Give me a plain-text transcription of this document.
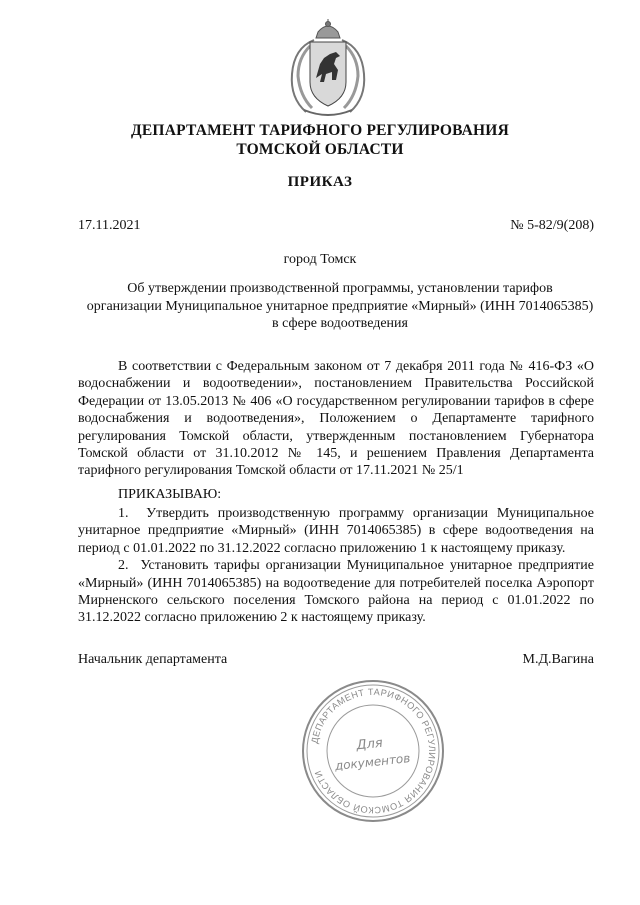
ДЕПАРТАМЕНТ ТАРИФНОГО РЕГУЛИРОВАНИЯ
ТОМСКОЙ ОБЛАСТИ
ПРИКАЗ
17.11.2021	№ 5-82/9(208)
город Томск
Об утверждении производственной программы, установлении тарифов
организации Муниципальное унитарное предприятие «Мирный» (ИНН 7014065385)
в сфере водоотведения
В соответствии с Федеральным законом от 7 декабря 2011 года № 416-ФЗ «О водоснабжении и водоотведении», постановлением Правительства Российской Федерации от 13.05.2013 № 406 «О государственном регулировании тарифов в сфере водоснабжения и водоотведения», Положением о Департаменте тарифного регулирования Томской области, утвержденным постановлением Губернатора Томской области от 31.10.2012 № 145, и решением Правления Департамента тарифного регулирования Томской области от 17.11.2021 № 25/1
ПРИКАЗЫВАЮ:
1.  Утвердить производственную программу организации Муниципальное унитарное предприятие «Мирный» (ИНН 7014065385) в сфере водоотведения на период с 01.01.2022 по 31.12.2022 согласно приложению 1 к настоящему приказу.
2.  Установить тарифы организации Муниципальное унитарное предприятие «Мирный» (ИНН 7014065385) на водоотведение для потребителей поселка Аэропорт Мирненского сельского поселения Томского района на период с 01.01.2022 по 31.12.2022 согласно приложению 2 к настоящему приказу.
Начальник департамента	М.Д.Вагина
ДЕПАРТАМЕНТ ТАРИФНОГО РЕГУЛИРОВАНИЯ ТОМСКОЙ ОБЛАСТИ
Для
документов
